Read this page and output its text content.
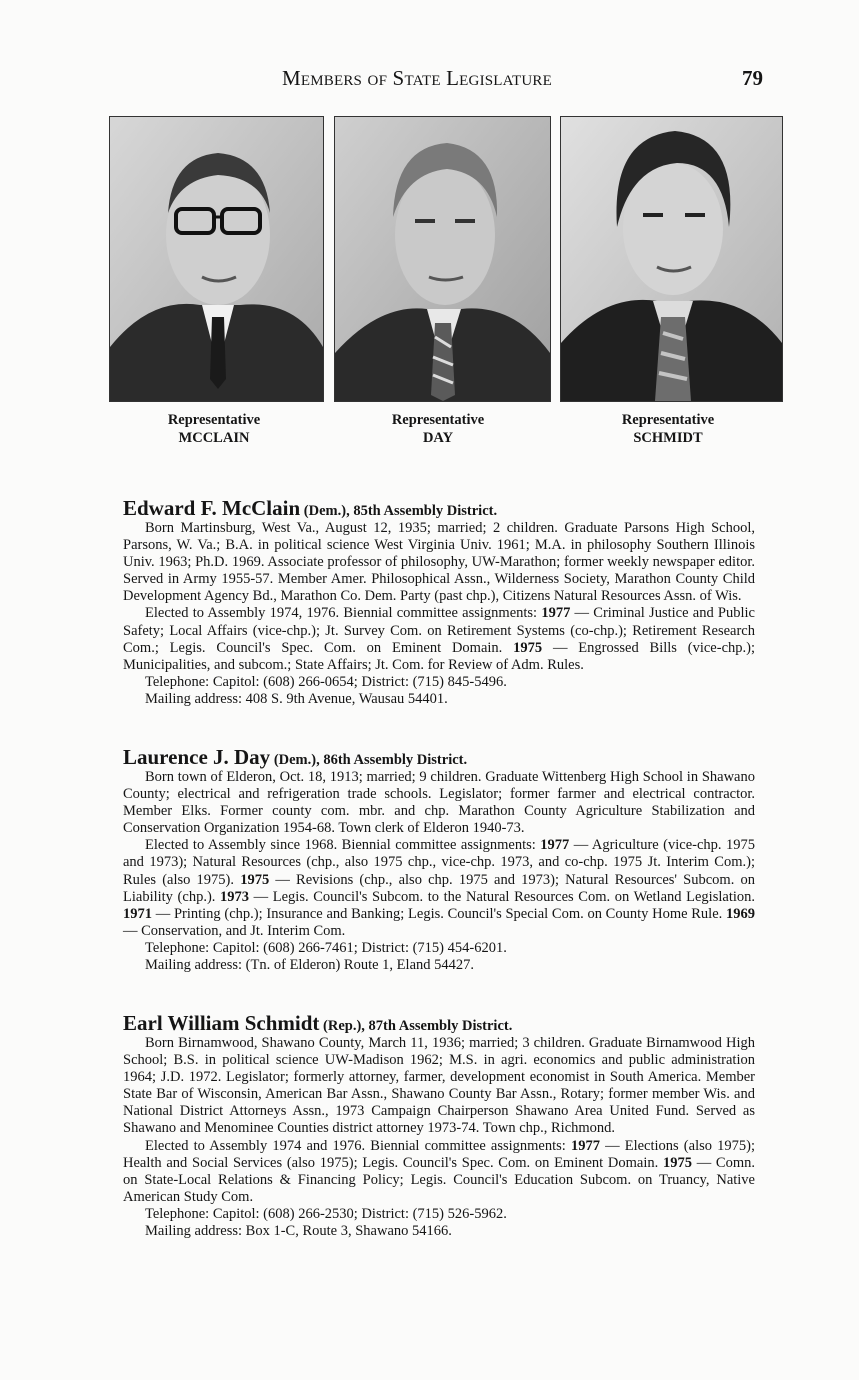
Members of State Legislature	79
Representative
MCCLAIN
Representative
DAY
Representative
SCHMIDT
Edward F. McClain (Dem.), 85th Assembly District.

Born Martinsburg, West Va., August 12, 1935; married; 2 children. Graduate Parsons High School, Parsons, W. Va.; B.A. in political science West Virginia Univ. 1961; M.A. in philosophy Southern Illinois Univ. 1963; Ph.D. 1969. Associate professor of philosophy, UW-Marathon; former weekly newspaper editor. Served in Army 1955-57. Member Amer. Philosophical Assn., Wilderness Society, Marathon County Child Development Agency Bd., Marathon Co. Dem. Party (past chp.), Citizens Natural Resources Assn. of Wis.

Elected to Assembly 1974, 1976. Biennial committee assignments: 1977 — Criminal Justice and Public Safety; Local Affairs (vice-chp.); Jt. Survey Com. on Retirement Systems (co-chp.); Retirement Research Com.; Legis. Council's Spec. Com. on Eminent Domain. 1975 — Engrossed Bills (vice-chp.); Municipalities, and subcom.; State Affairs; Jt. Com. for Review of Adm. Rules.

Telephone: Capitol: (608) 266-0654; District: (715) 845-5496.

Mailing address: 408 S. 9th Avenue, Wausau 54401.

Laurence J. Day (Dem.), 86th Assembly District.

Born town of Elderon, Oct. 18, 1913; married; 9 children. Graduate Wittenberg High School in Shawano County; electrical and refrigeration trade schools. Legislator; former farmer and electrical contractor. Member Elks. Former county com. mbr. and chp. Marathon County Agriculture Stabilization and Conservation Organization 1954-68. Town clerk of Elderon 1940-73.

Elected to Assembly since 1968. Biennial committee assignments: 1977 — Agriculture (vice-chp. 1975 and 1973); Natural Resources (chp., also 1975 chp., vice-chp. 1973, and co-chp. 1975 Jt. Interim Com.); Rules (also 1975). 1975 — Revisions (chp., also chp. 1975 and 1973); Natural Resources' Subcom. on Liability (chp.). 1973 — Legis. Council's Subcom. to the Natural Resources Com. on Wetland Legislation. 1971 — Printing (chp.); Insurance and Banking; Legis. Council's Special Com. on County Home Rule. 1969 — Conservation, and Jt. Interim Com.

Telephone: Capitol: (608) 266-7461; District: (715) 454-6201.

Mailing address: (Tn. of Elderon) Route 1, Eland 54427.

Earl William Schmidt (Rep.), 87th Assembly District.

Born Birnamwood, Shawano County, March 11, 1936; married; 3 children. Graduate Birnamwood High School; B.S. in political science UW-Madison 1962; M.S. in agri. economics and public administration 1964; J.D. 1972. Legislator; formerly attorney, farmer, development economist in South America. Member State Bar of Wisconsin, American Bar Assn., Shawano County Bar Assn., Rotary; former member Wis. and National District Attorneys Assn., 1973 Campaign Chairperson Shawano Area United Fund. Served as Shawano and Menominee Counties district attorney 1973-74. Town chp., Richmond.

Elected to Assembly 1974 and 1976. Biennial committee assignments: 1977 — Elections (also 1975); Health and Social Services (also 1975); Legis. Council's Spec. Com. on Eminent Domain. 1975 — Comn. on State-Local Relations & Financing Policy; Legis. Council's Education Subcom. on Truancy, Native American Study Com.

Telephone: Capitol: (608) 266-2530; District: (715) 526-5962.

Mailing address: Box 1-C, Route 3, Shawano 54166.
